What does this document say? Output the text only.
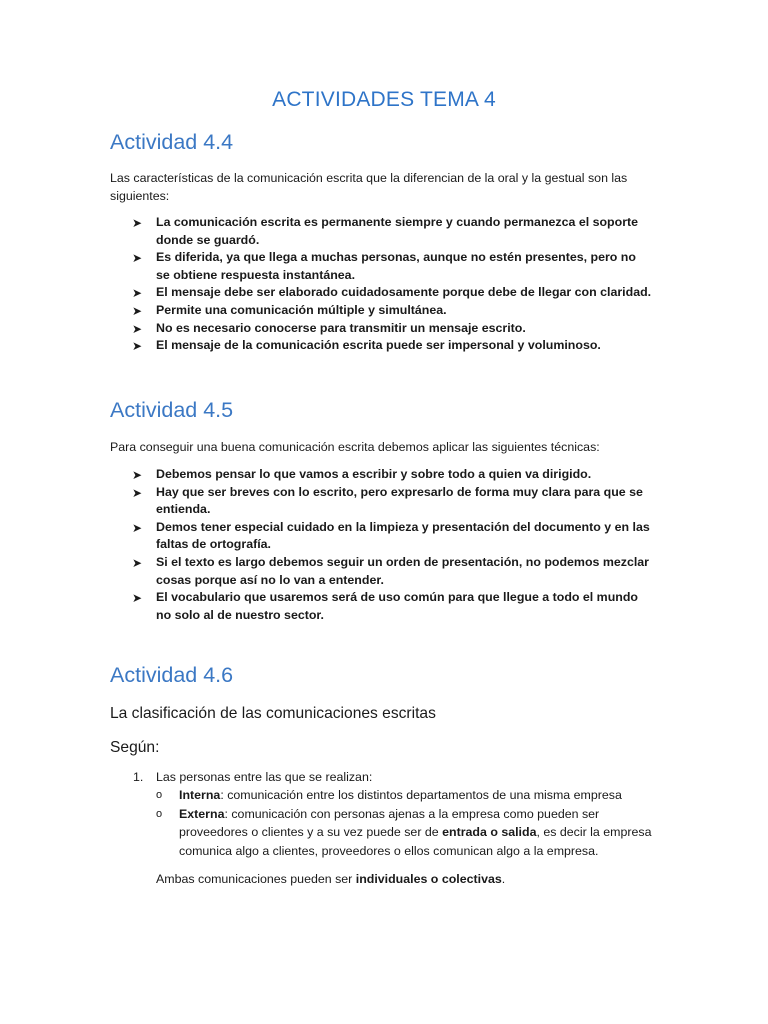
ACTIVIDADES TEMA 4
Actividad 4.4

Las características de la comunicación escrita que la diferencian de la oral y la gestual son las siguientes:

➤ La comunicación escrita es permanente siempre y cuando permanezca el soporte donde se guardó.
➤ Es diferida, ya que llega a muchas personas, aunque no estén presentes, pero no se obtiene respuesta instantánea.
➤ El mensaje debe ser elaborado cuidadosamente porque debe de llegar con claridad.
➤ Permite una comunicación múltiple y simultánea.
➤ No es necesario conocerse para transmitir un mensaje escrito.
➤ El mensaje de la comunicación escrita puede ser impersonal y voluminoso.
Actividad 4.5

Para conseguir una buena comunicación escrita debemos aplicar las siguientes técnicas:

➤ Debemos pensar lo que vamos a escribir y sobre todo a quien va dirigido.
➤ Hay que ser breves con lo escrito, pero expresarlo de forma muy clara para que se entienda.
➤ Demos tener especial cuidado en la limpieza y presentación del documento y en las faltas de ortografía.
➤ Si el texto es largo debemos seguir un orden de presentación, no podemos mezclar cosas porque así no lo van a entender.
➤ El vocabulario que usaremos será de uso común para que llegue a todo el mundo no solo al de nuestro sector.
Actividad 4.6

La clasificación de las comunicaciones escritas

Según:

1. Las personas entre las que se realizan:
o Interna: comunicación entre los distintos departamentos de una misma empresa
o Externa: comunicación con personas ajenas a la empresa como pueden ser proveedores o clientes y a su vez puede ser de entrada o salida, es decir la empresa comunica algo a clientes, proveedores o ellos comunican algo a la empresa.
Ambas comunicaciones pueden ser individuales o colectivas.
